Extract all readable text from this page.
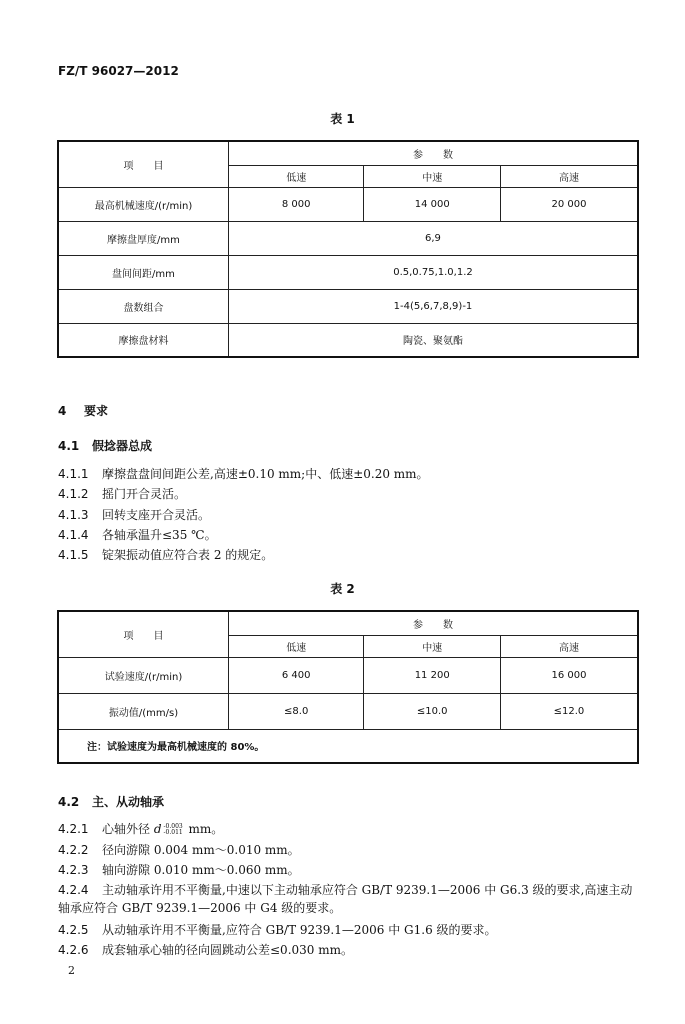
FZ/T 96027—2012
表 1
项　　目	参　　数		
	低速	中速	高速
最高机械速度/(r/min)	8 000	14 000	20 000
摩擦盘厚度/mm	6,9		
盘间间距/mm	0.5,0.75,1.0,1.2		
盘数组合	1-4(5,6,7,8,9)-1		
摩擦盘材料	陶瓷、聚氨酯		
4 要求
4.1 假捻器总成
4.1.1 摩擦盘盘间间距公差,高速±0.10 mm;中、低速±0.20 mm。
4.1.2 摇门开合灵活。
4.1.3 回转支座开合灵活。
4.1.4 各轴承温升≤35 ℃。
4.1.5 锭架振动值应符合表 2 的规定。
表 2
项　　目	参　　数		
	低速	中速	高速
试验速度/(r/min)	6 400	11 200	16 000
振动值/(mm/s)	≤8.0	≤10.0	≤12.0
注：试验速度为最高机械速度的 80%。			
4.2 主、从动轴承
4.2.1 心轴外径 d -0.003
-0.011 mm。
4.2.2 径向游隙 0.004 mm～0.010 mm。
4.2.3 轴向游隙 0.010 mm～0.060 mm。
4.2.4 主动轴承许用不平衡量,中速以下主动轴承应符合 GB/T 9239.1—2006 中 G6.3 级的要求,高速主动轴承应符合 GB/T 9239.1—2006 中 G4 级的要求。
4.2.5 从动轴承许用不平衡量,应符合 GB/T 9239.1—2006 中 G1.6 级的要求。
4.2.6 成套轴承心轴的径向圆跳动公差≤0.030 mm。
2
